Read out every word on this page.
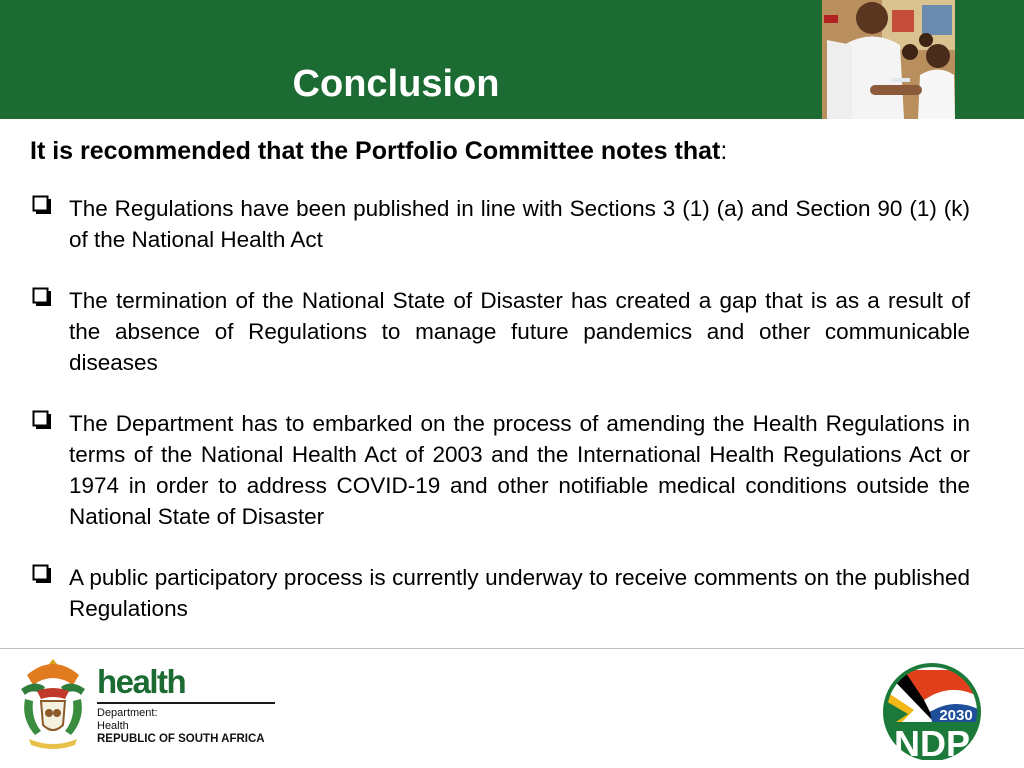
Conclusion
It is recommended that the Portfolio Committee notes that:
The Regulations have been published in line with Sections 3 (1) (a) and Section 90 (1) (k) of the National Health Act
The termination of the National State of Disaster has created a gap that is as a result of the absence of Regulations to manage future pandemics and other communicable diseases
The Department has to embarked on the process of amending the Health Regulations in terms of the National Health Act of 2003 and the International Health Regulations Act or 1974 in order to address COVID-19 and other notifiable medical conditions outside the National State of Disaster
A public participatory process is currently underway to receive comments on the published Regulations
health
Department:
Health
REPUBLIC OF SOUTH AFRICA
2030
NDP
